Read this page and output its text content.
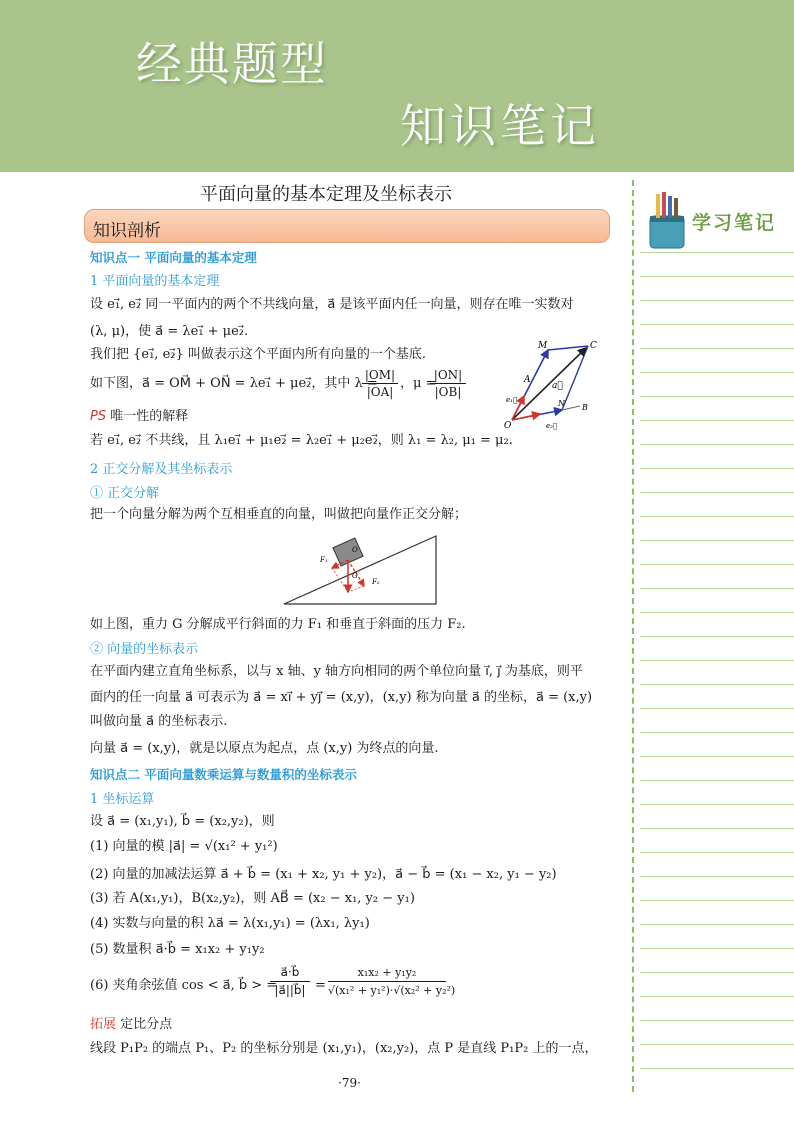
经典题型
知识笔记
平面向量的基本定理及坐标表示
知识剖析
知识点一 平面向量的基本定理
1 平面向量的基本定理
设 e₁⃗, e₂⃗ 同一平面内的两个不共线向量，a⃗ 是该平面内任一向量，则存在唯一实数对
(λ, μ)，使 a⃗ = λe₁⃗ + μe₂⃗.
我们把 {e₁⃗, e₂⃗} 叫做表示这个平面内所有向量的一个基底.
如下图，a⃗ = OM⃗ + ON⃗ = λe₁⃗ + μe₂⃗，其中 λ =
$\frac{|OM|}{|OA|}$ ，μ =
$\frac{|ON|}{|OB|}$
PS 唯一性的解释
若 e₁⃗, e₂⃗ 不共线，且 λ₁e₁⃗ + μ₁e₂⃗ = λ₂e₁⃗ + μ₂e₂⃗，则 λ₁ = λ₂, μ₁ = μ₂.
2 正交分解及其坐标表示
① 正交分解
把一个向量分解为两个互相垂直的向量，叫做把向量作正交分解；
M	C
A
a⃗
e₁⃗
O
N B
e₂⃗
F₁
O
G
F₂
如上图，重力 G 分解成平行斜面的力 F₁ 和垂直于斜面的压力 F₂.
② 向量的坐标表示
在平面内建立直角坐标系，以与 x 轴、y 轴方向相同的两个单位向量 i⃗, j⃗ 为基底，则平
面内的任一向量 a⃗ 可表示为 a⃗ = xi⃗ + yj⃗ = (x,y)，(x,y) 称为向量 a⃗ 的坐标，a⃗ = (x,y)
叫做向量 a⃗ 的坐标表示.
向量 a⃗ = (x,y)，就是以原点为起点，点 (x,y) 为终点的向量.
知识点二 平面向量数乘运算与数量积的坐标表示
1 坐标运算
设 a⃗ = (x₁,y₁), b⃗ = (x₂,y₂)，则
(1) 向量的模 |a⃗| = √(x₁² + y₁²)
(2) 向量的加减法运算 a⃗ + b⃗ = (x₁ + x₂, y₁ + y₂)，a⃗ − b⃗ = (x₁ − x₂, y₁ − y₂)
(3) 若 A(x₁,y₁)，B(x₂,y₂)，则 AB⃗ = (x₂ − x₁, y₂ − y₁)
(4) 实数与向量的积 λa⃗ = λ(x₁,y₁) = (λx₁, λy₁)
(5) 数量积 a⃗·b⃗ = x₁x₂ + y₁y₂
(6) 夹角余弦值 cos < a⃗, b⃗ > =
$\frac{a⃗\cdot b⃗}{|a⃗||b⃗|} = \frac{\text{x₁x₂ + y₁y₂}}{\text{√(x₁² + y₁²)·√(x₂² + y₂²)}}$
拓展 定比分点
线段 P₁P₂ 的端点 P₁、P₂ 的坐标分别是 (x₁,y₁)，(x₂,y₂)，点 P 是直线 P₁P₂ 上的一点，
学习笔记
·79·
